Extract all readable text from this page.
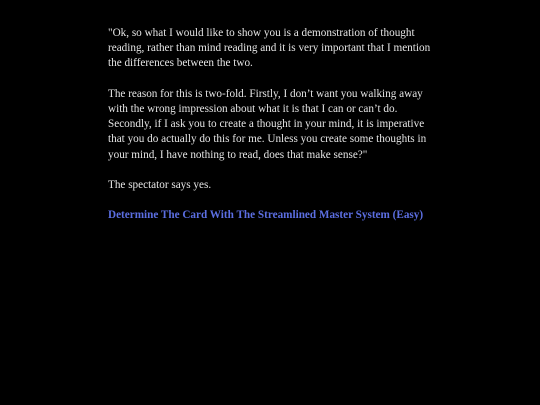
"Ok, so what I would like to show you is a demonstration of thought reading, rather than mind reading and it is very important that I mention the differences between the two.

The reason for this is two-fold. Firstly, I don’t want you walking away with the wrong impression about what it is that I can or can’t do. Secondly, if I ask you to create a thought in your mind, it is imperative that you do actually do this for me. Unless you create some thoughts in your mind, I have nothing to read, does that make sense?"

The spectator says yes.

Determine The Card With The Streamlined Master System (Easy)
